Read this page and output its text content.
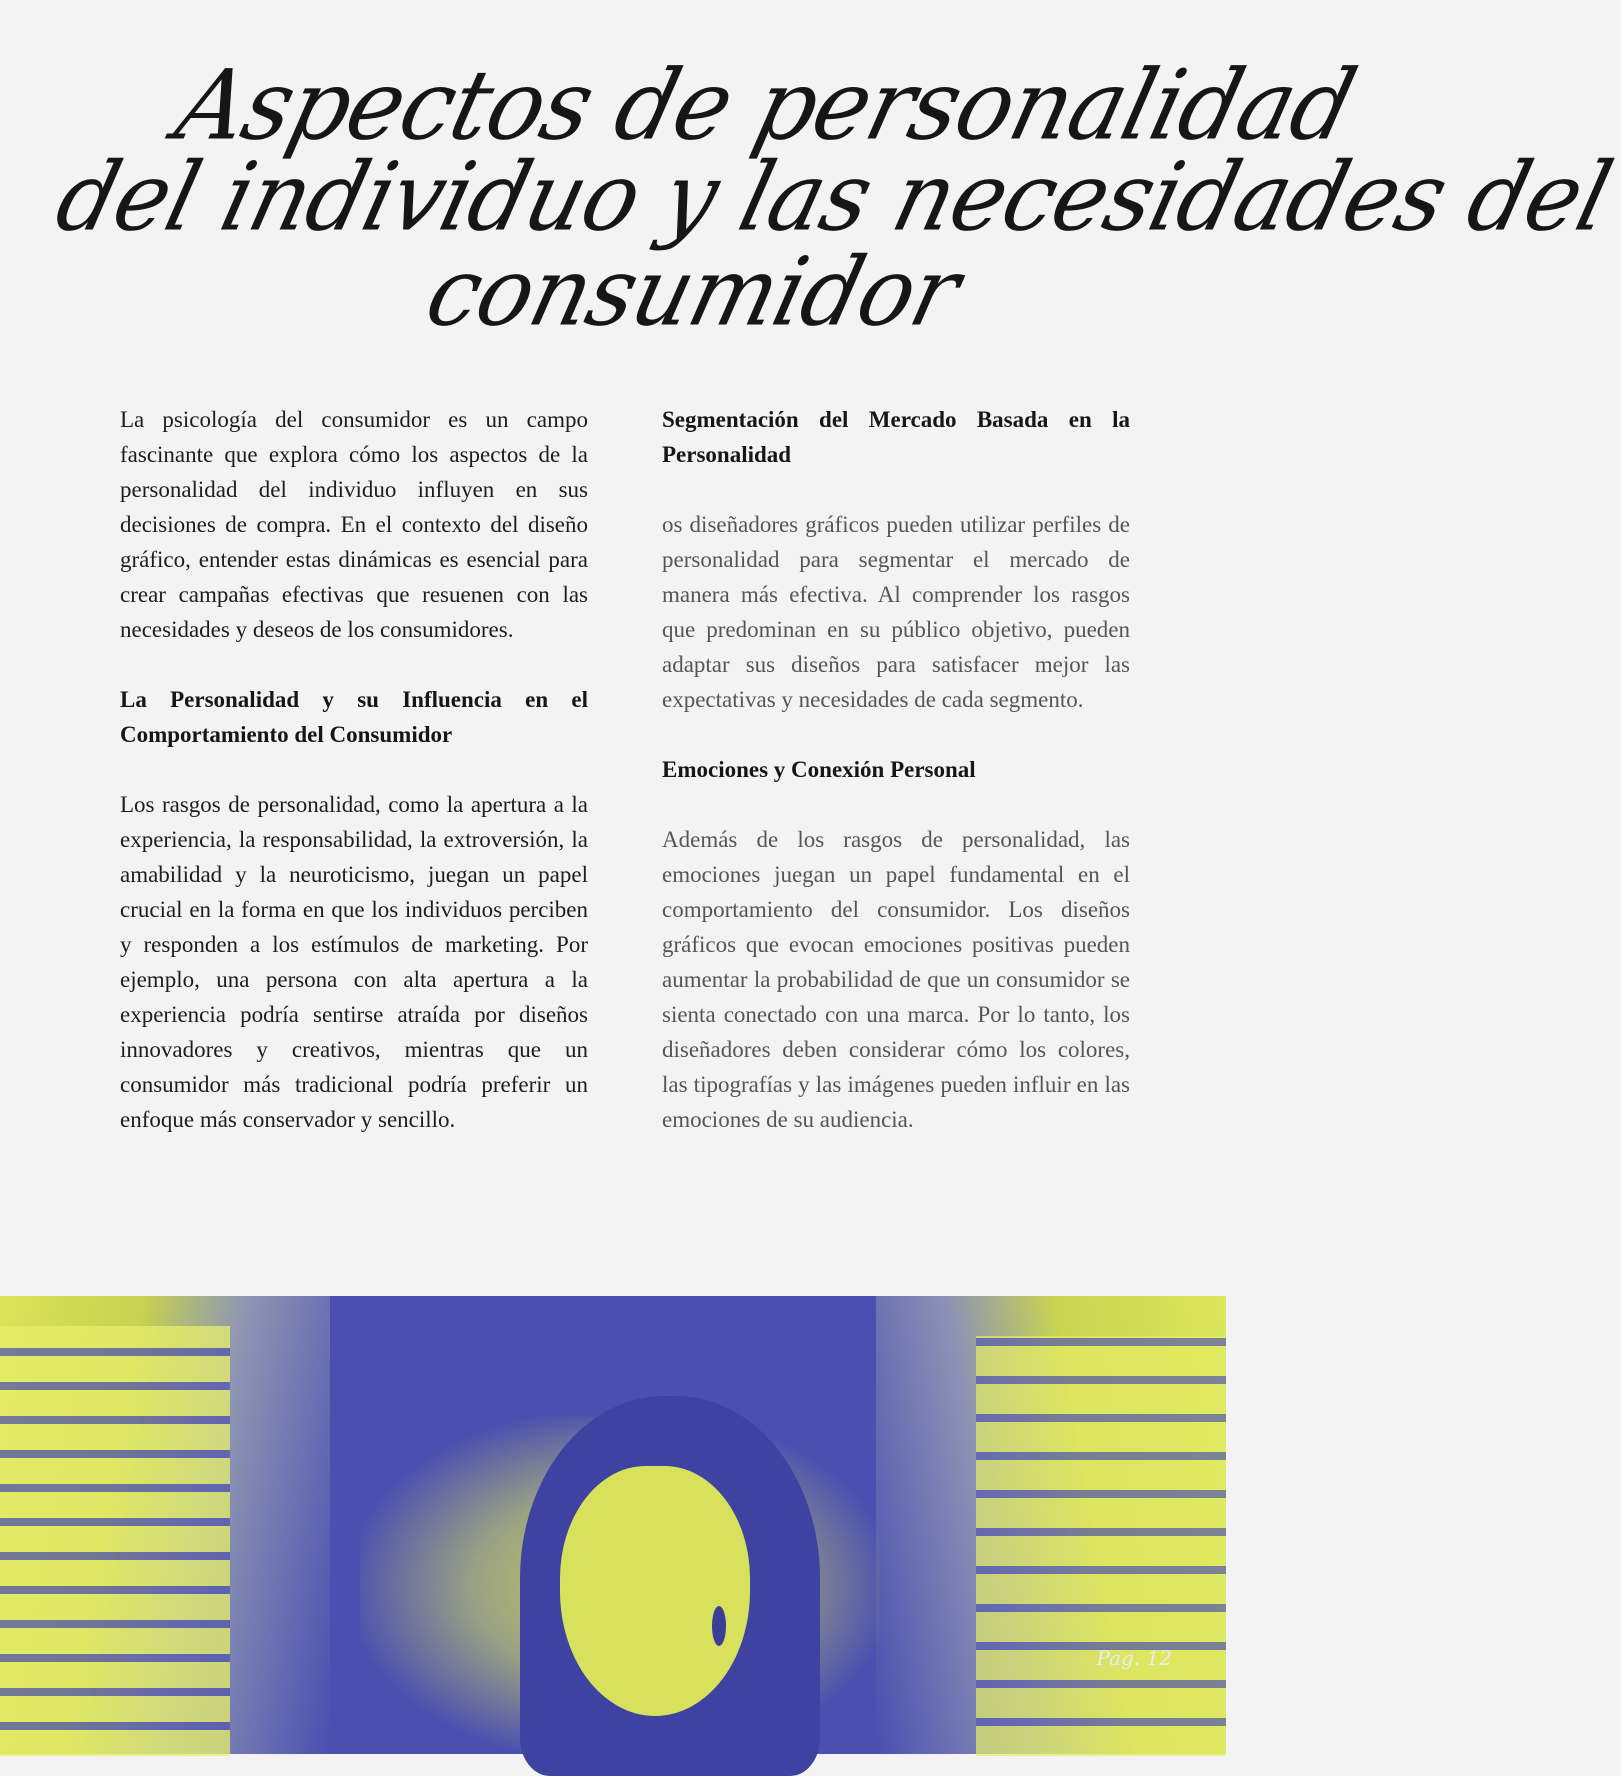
Aspectos de personalidad
del individuo y las necesidades del
consumidor

La psicología del consumidor es un campo fascinante que explora cómo los aspectos de la personalidad del individuo influyen en sus decisiones de compra. En el contexto del diseño gráfico, entender estas dinámicas es esencial para crear campañas efectivas que resuenen con las necesidades y deseos de los consumidores.

La Personalidad y su Influencia en el Comportamiento del Consumidor

Los rasgos de personalidad, como la apertura a la experiencia, la responsabilidad, la extroversión, la amabilidad y la neuroticismo, juegan un papel crucial en la forma en que los individuos perciben y responden a los estímulos de marketing. Por ejemplo, una persona con alta apertura a la experiencia podría sentirse atraída por diseños innovadores y creativos, mientras que un consumidor más tradicional podría preferir un enfoque más conservador y sencillo.

Segmentación del Mercado Basada en la Personalidad

os diseñadores gráficos pueden utilizar perfiles de personalidad para segmentar el mercado de manera más efectiva. Al comprender los rasgos que predominan en su público objetivo, pueden adaptar sus diseños para satisfacer mejor las expectativas y necesidades de cada segmento.

Emociones y Conexión Personal

Además de los rasgos de personalidad, las emociones juegan un papel fundamental en el comportamiento del consumidor. Los diseños gráficos que evocan emociones positivas pueden aumentar la probabilidad de que un consumidor se sienta conectado con una marca. Por lo tanto, los diseñadores deben considerar cómo los colores, las tipografías y las imágenes pueden influir en las emociones de su audiencia.

Pag. 12
